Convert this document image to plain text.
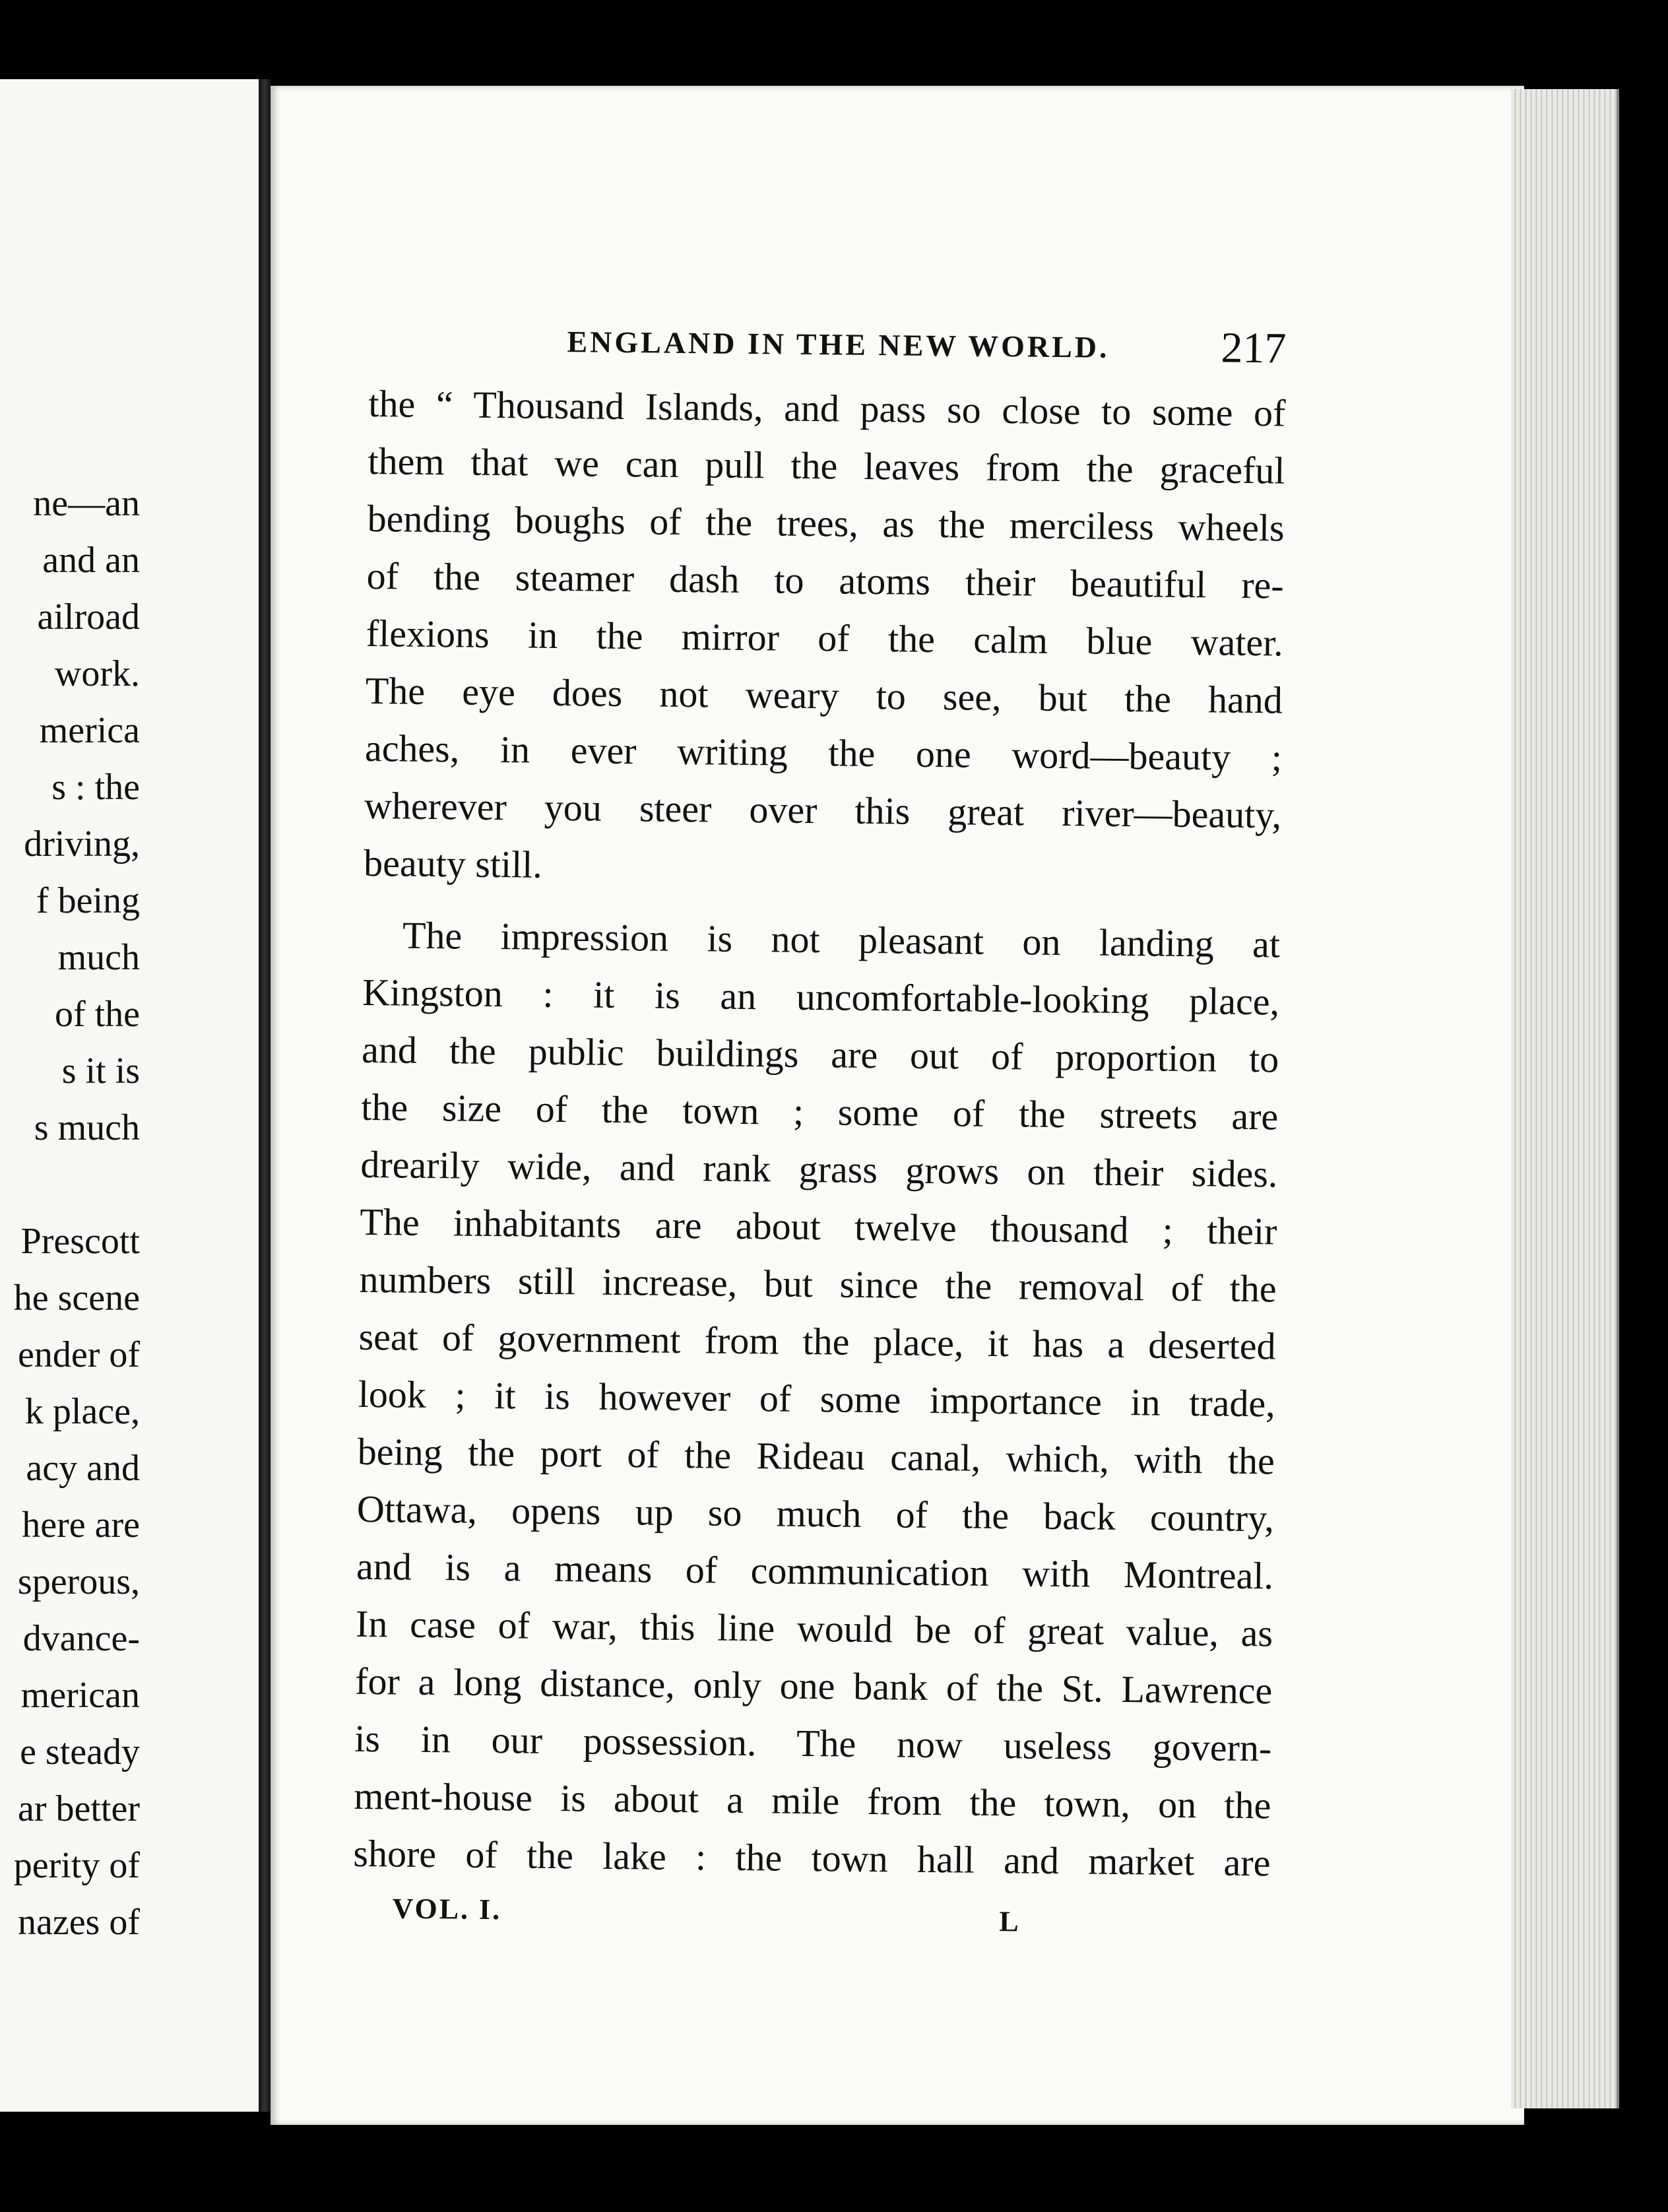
ne—an
and an
ailroad
work.
merica
s : the
driving,
f being
much
of the
s it is
s much
Prescott
he scene
ender of
k place,
acy and
here are
sperous,
dvance-
merican
e steady
ar better
perity of
nazes of
ENGLAND IN THE NEW WORLD.	217
the “ Thousand Islands, and pass so close to some of
them that we can pull the leaves from the graceful
bending boughs of the trees, as the merciless wheels
of the steamer dash to atoms their beautiful re-
flexions in the mirror of the calm blue water.
The eye does not weary to see, but the hand
aches, in ever writing the one word—beauty ;
wherever you steer over this great river—beauty,
beauty still.
The impression is not pleasant on landing at
Kingston : it is an uncomfortable-looking place,
and the public buildings are out of proportion to
the size of the town ; some of the streets are
drearily wide, and rank grass grows on their sides.
The inhabitants are about twelve thousand ; their
numbers still increase, but since the removal of the
seat of government from the place, it has a deserted
look ; it is however of some importance in trade,
being the port of the Rideau canal, which, with the
Ottawa, opens up so much of the back country,
and is a means of communication with Montreal.
In case of war, this line would be of great value, as
for a long distance, only one bank of the St. Lawrence
is in our possession. The now useless govern-
ment-house is about a mile from the town, on the
shore of the lake : the town hall and market are
VOL. I.	L
